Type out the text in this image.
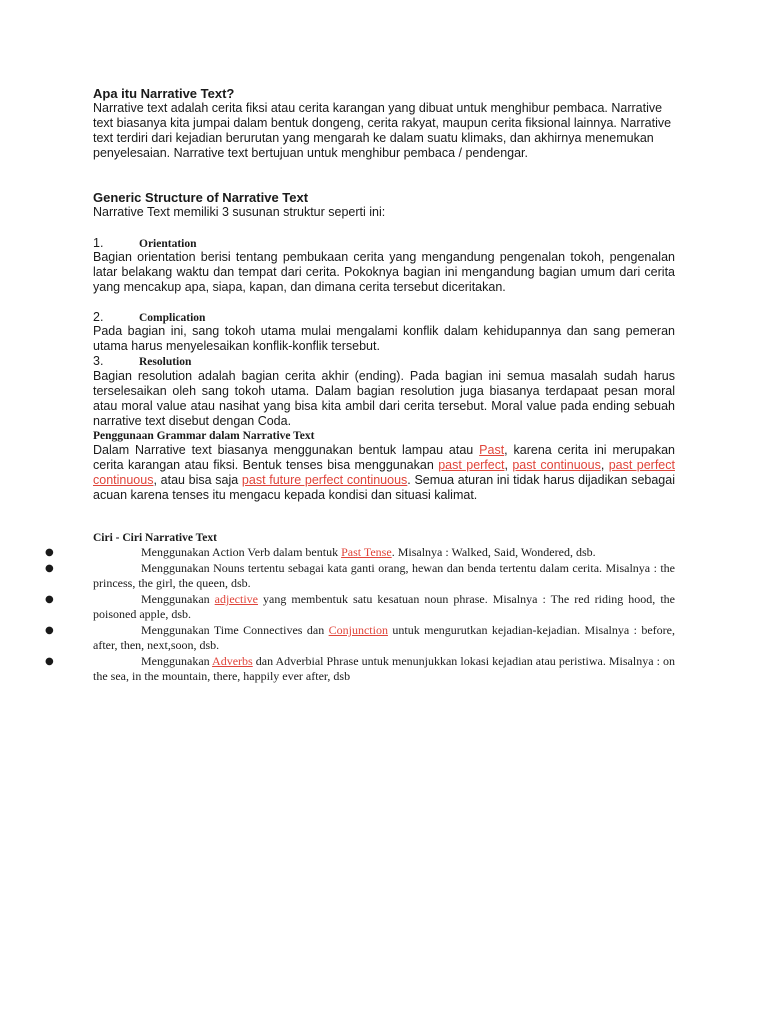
Apa itu Narrative Text?

Narrative text adalah cerita fiksi atau cerita karangan yang dibuat untuk menghibur pembaca. Narrative text biasanya kita jumpai dalam bentuk dongeng, cerita rakyat, maupun cerita fiksional lainnya. Narrative text terdiri dari kejadian berurutan yang mengarah ke dalam suatu klimaks, dan akhirnya menemukan penyelesaian. Narrative text bertujuan untuk menghibur pembaca / pendengar.

Generic Structure of Narrative Text

Narrative Text memiliki 3 susunan struktur seperti ini:

1.	Orientation

Bagian orientation berisi tentang pembukaan cerita yang mengandung pengenalan tokoh, pengenalan latar belakang waktu dan tempat dari cerita. Pokoknya bagian ini mengandung bagian umum dari cerita yang mencakup apa, siapa, kapan, dan dimana cerita tersebut diceritakan.

2.	Complication

Pada bagian ini, sang tokoh utama mulai mengalami konflik dalam kehidupannya dan sang pemeran utama harus menyelesaikan konflik-konflik tersebut.

3.	Resolution

Bagian resolution adalah bagian cerita akhir (ending). Pada bagian ini semua masalah sudah harus terselesaikan oleh sang tokoh utama. Dalam bagian resolution juga biasanya terdapaat pesan moral atau moral value atau nasihat yang bisa kita ambil dari cerita tersebut. Moral value pada ending sebuah narrative text disebut dengan Coda.

Penggunaan Grammar dalam Narrative Text

Dalam Narrative text biasanya menggunakan bentuk lampau atau Past, karena cerita ini merupakan cerita karangan atau fiksi. Bentuk tenses bisa menggunakan past perfect, past continuous, past perfect continuous, atau bisa saja past future perfect continuous. Semua aturan ini tidak harus dijadikan sebagai acuan karena tenses itu mengacu kepada kondisi dan situasi kalimat.

Ciri - Ciri Narrative Text
●	Menggunakan Action Verb dalam bentuk Past Tense. Misalnya : Walked, Said, Wondered, dsb.
●	Menggunakan Nouns tertentu sebagai kata ganti orang, hewan dan benda tertentu dalam cerita. Misalnya : the princess, the girl, the queen, dsb.
●	Menggunakan adjective yang membentuk satu kesatuan noun phrase. Misalnya : The red riding hood, the poisoned apple, dsb.
●	Menggunakan Time Connectives dan Conjunction untuk mengurutkan kejadian-kejadian. Misalnya : before, after, then, next,soon, dsb.
●	Menggunakan Adverbs dan Adverbial Phrase untuk menunjukkan lokasi kejadian atau peristiwa. Misalnya : on the sea, in the mountain, there, happily ever after, dsb
